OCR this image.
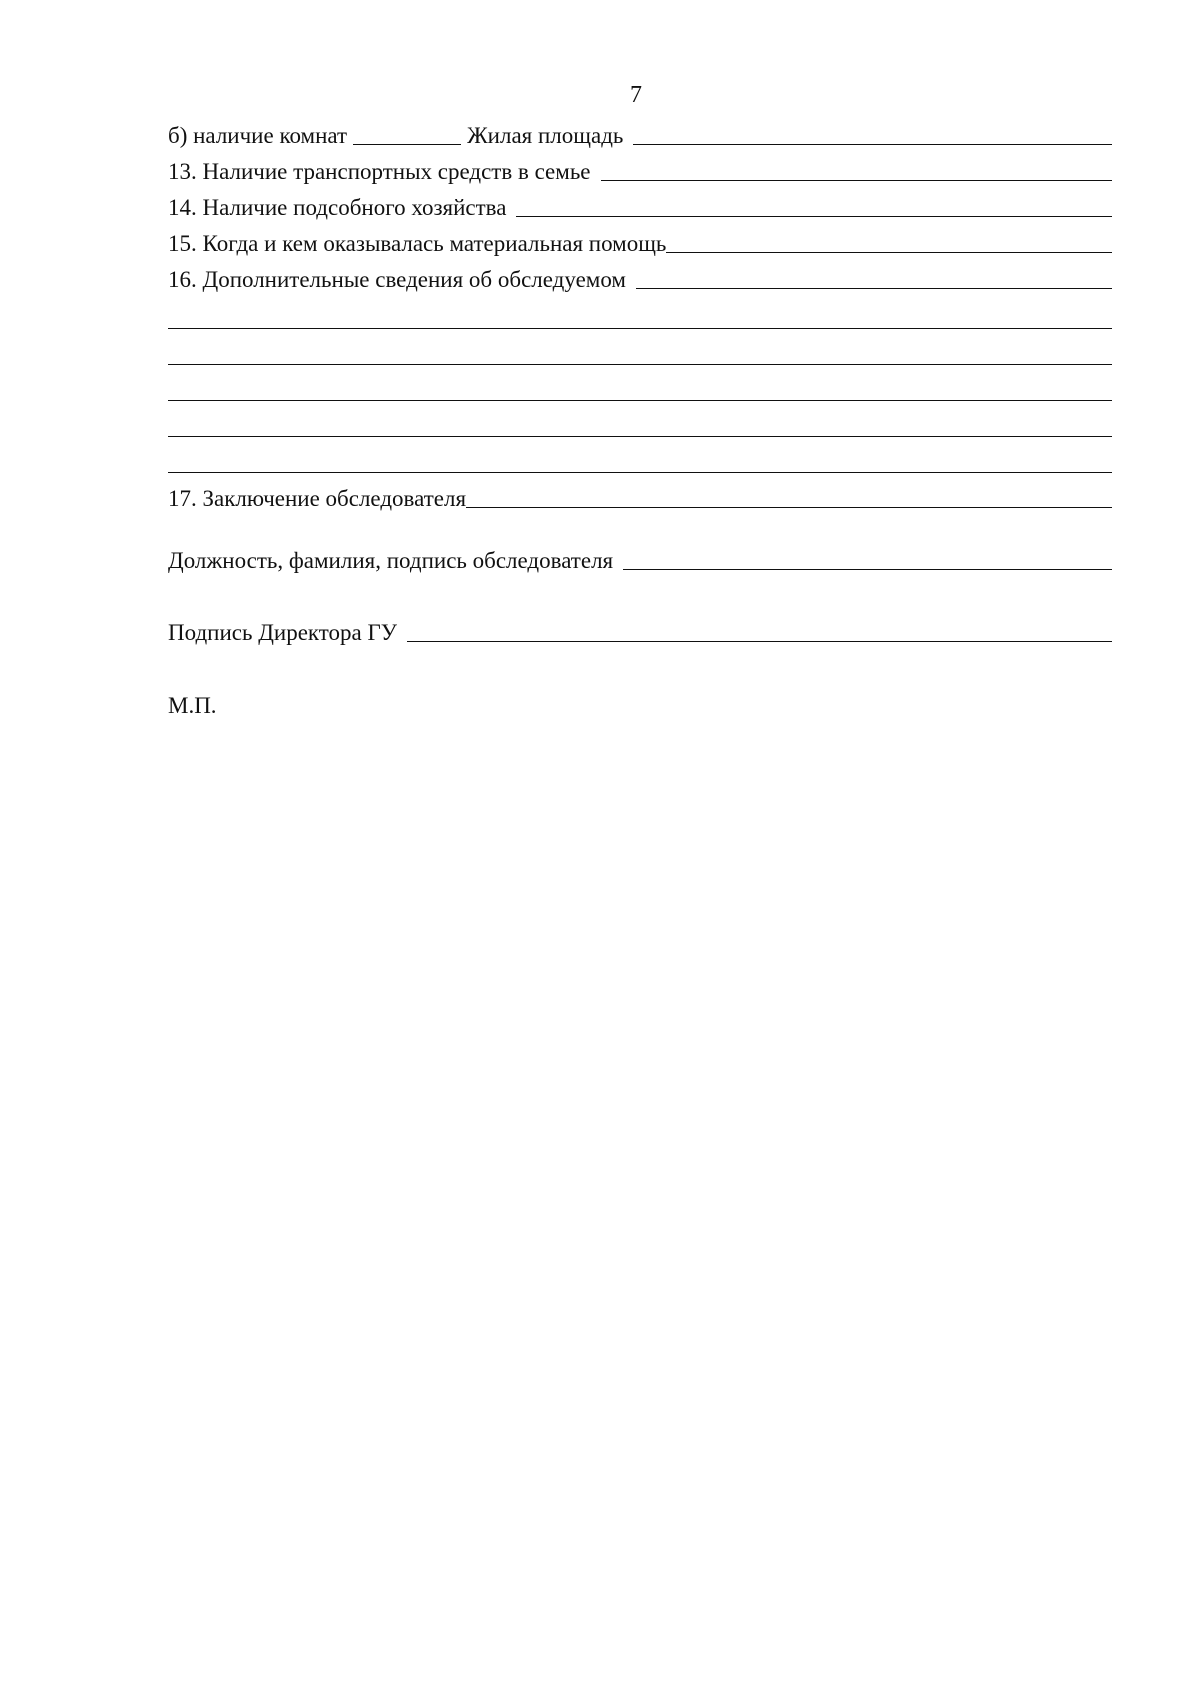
7
б) наличие комнат	Жилая площадь
13. Наличие транспортных средств в семье
14. Наличие подсобного хозяйства
15. Когда и кем оказывалась материальная помощь
16. Дополнительные сведения об обследуемом
17. Заключение обследователя
Должность, фамилия, подпись обследователя
Подпись Директора ГУ
М.П.
